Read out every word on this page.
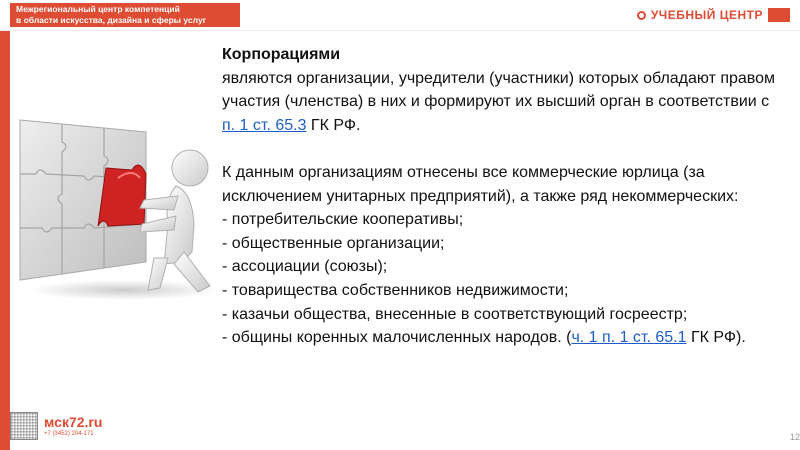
Межрегиональный центр компетенций
в области искусства, дизайна и сферы услуг	УЧЕБНЫЙ ЦЕНТР

Корпорациями

являются организации, учредители (участники) которых обладают правом участия (членства) в них и формируют их высший орган в соответствии с п. 1 ст. 65.3 ГК РФ.

К данным организациям отнесены все коммерческие юрлица (за исключением унитарных предприятий), а также ряд некоммерческих:

- потребительские кооперативы;

- общественные организации;

- ассоциации (союзы);

- товарищества собственников недвижимости;

- казачьи общества, внесенные в соответствующий госреестр;

- общины коренных малочисленных народов. (ч. 1 п. 1 ст. 65.1 ГК РФ).

мск72.ru
+7 (3452) 204-171	12
